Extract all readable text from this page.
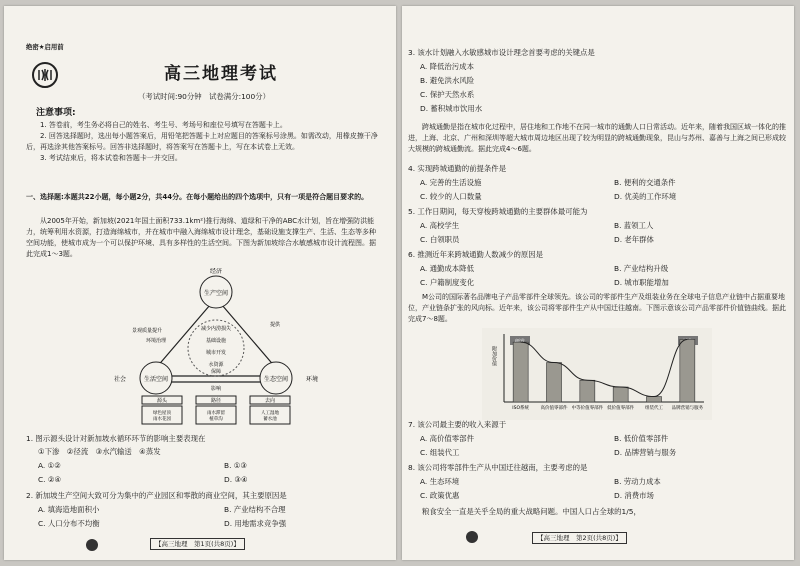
绝密★启用前
高三地理考试
（考试时间:90分钟　试卷满分:100分）
注意事项:
1. 答卷前，考生务必将自己的姓名、考生号、考场号和座位号填写在答题卡上。
2. 回答选择题时，选出每小题答案后，用铅笔把答题卡上对应题目的答案标号涂黑。如需改动，用橡皮擦干净后，再选涂其他答案标号。回答非选择题时，将答案写在答题卡上，写在本试卷上无效。
3. 考试结束后，将本试卷和答题卡一并交回。
一、选择题:本题共22小题，每小题2分，共44分。在每小题给出的四个选项中，只有一项是符合题目要求的。
从2005年开始，新加坡(2021年国土面积733.1km²)推行海绵、道绿和干净的ABC水计划，旨在增强防洪能力，统筹利用水资源，打造海绵城市，并在城市中融入海绵城市设计理念，基础设施支撑生产、生活、生态等多种空间功能，使城市成为一个可以保护环境、具有多样性的生活空间。下图为新加坡综合水敏感城市设计流程图。据此完成1～3题。
经济
生产空间
生活空间	生态空间
社会	环境
减少内涝损失
基础设施
城市开发
水资源
保障
影响
提供
景观质量提升
环境治理
源头	路径	去向
绿色屋顶雨水花园
雨水滞留植草沟
人工湿地蓄水池
1. 图示源头设计对新加坡水循环环节的影响主要表现在
①下渗　②径流　③水汽输送　④蒸发
A. ①②	B. ①③
C. ②④	D. ③④
2. 新加坡生产空间大致可分为集中的产业园区和零散的商业空间，其主要原因是
A. 填海造地面积小	B. 产业结构不合理
C. 人口分布不均衡	D. 用地需求竞争强
【高三地理　第1页(共8页)】
3. 该水计划融入水敏感城市设计理念首要考虑的关键点是
A. 降低治污成本
B. 避免洪水风险
C. 保护天然水系
D. 蓄积城市饮用水
跨城通勤是指在城市化过程中，居住地和工作地不在同一城市的通勤人口日常活动。近年来，随着我国区域一体化的推进，上海、北京、广州和深圳等超大城市周边地区出现了较为明显的跨城通勤现象，昆山与苏州、嘉善与上海之间已形成较大规模的跨城通勤流。据此完成4～6题。
4. 实现跨城通勤的前提条件是
A. 完善的生活设施	B. 便利的交通条件
C. 较少的人口数量	D. 优美的工作环境
5. 工作日期间，每天穿梭跨城通勤的主要群体最可能为
A. 高校学生	B. 蓝领工人
C. 白领职员	D. 老年群体
6. 推测近年来跨城通勤人数减少的原因是
A. 通勤成本降低	B. 产业结构升级
C. 户籍制度变化	D. 城市职能增加
M公司的国际著名品牌电子产品零部件全球领先。该公司的零部件生产及组装业务在全球电子信息产业链中占据重要地位，产业链条扩张的风向标。近年来，该公司将零部件生产从中国迁往越南。下图示意该公司产品零部件价值链曲线。据此完成7～8题。
附加价值
ISO系统	高价值零部件 中等价值零部件 低价值零部件 组装代工 品牌营销与服务
7. 该公司最主要的收入来源于
A. 高价值零部件	B. 低价值零部件
C. 组装代工	D. 品牌营销与服务
8. 该公司将零部件生产从中国迁往越南，主要考虑的是
A. 生态环境	B. 劳动力成本
C. 政策优惠	D. 消费市场
粮食安全一直是关乎全局的重大战略问题。中国人口占全球的1/5，
【高三地理　第2页(共8页)】
